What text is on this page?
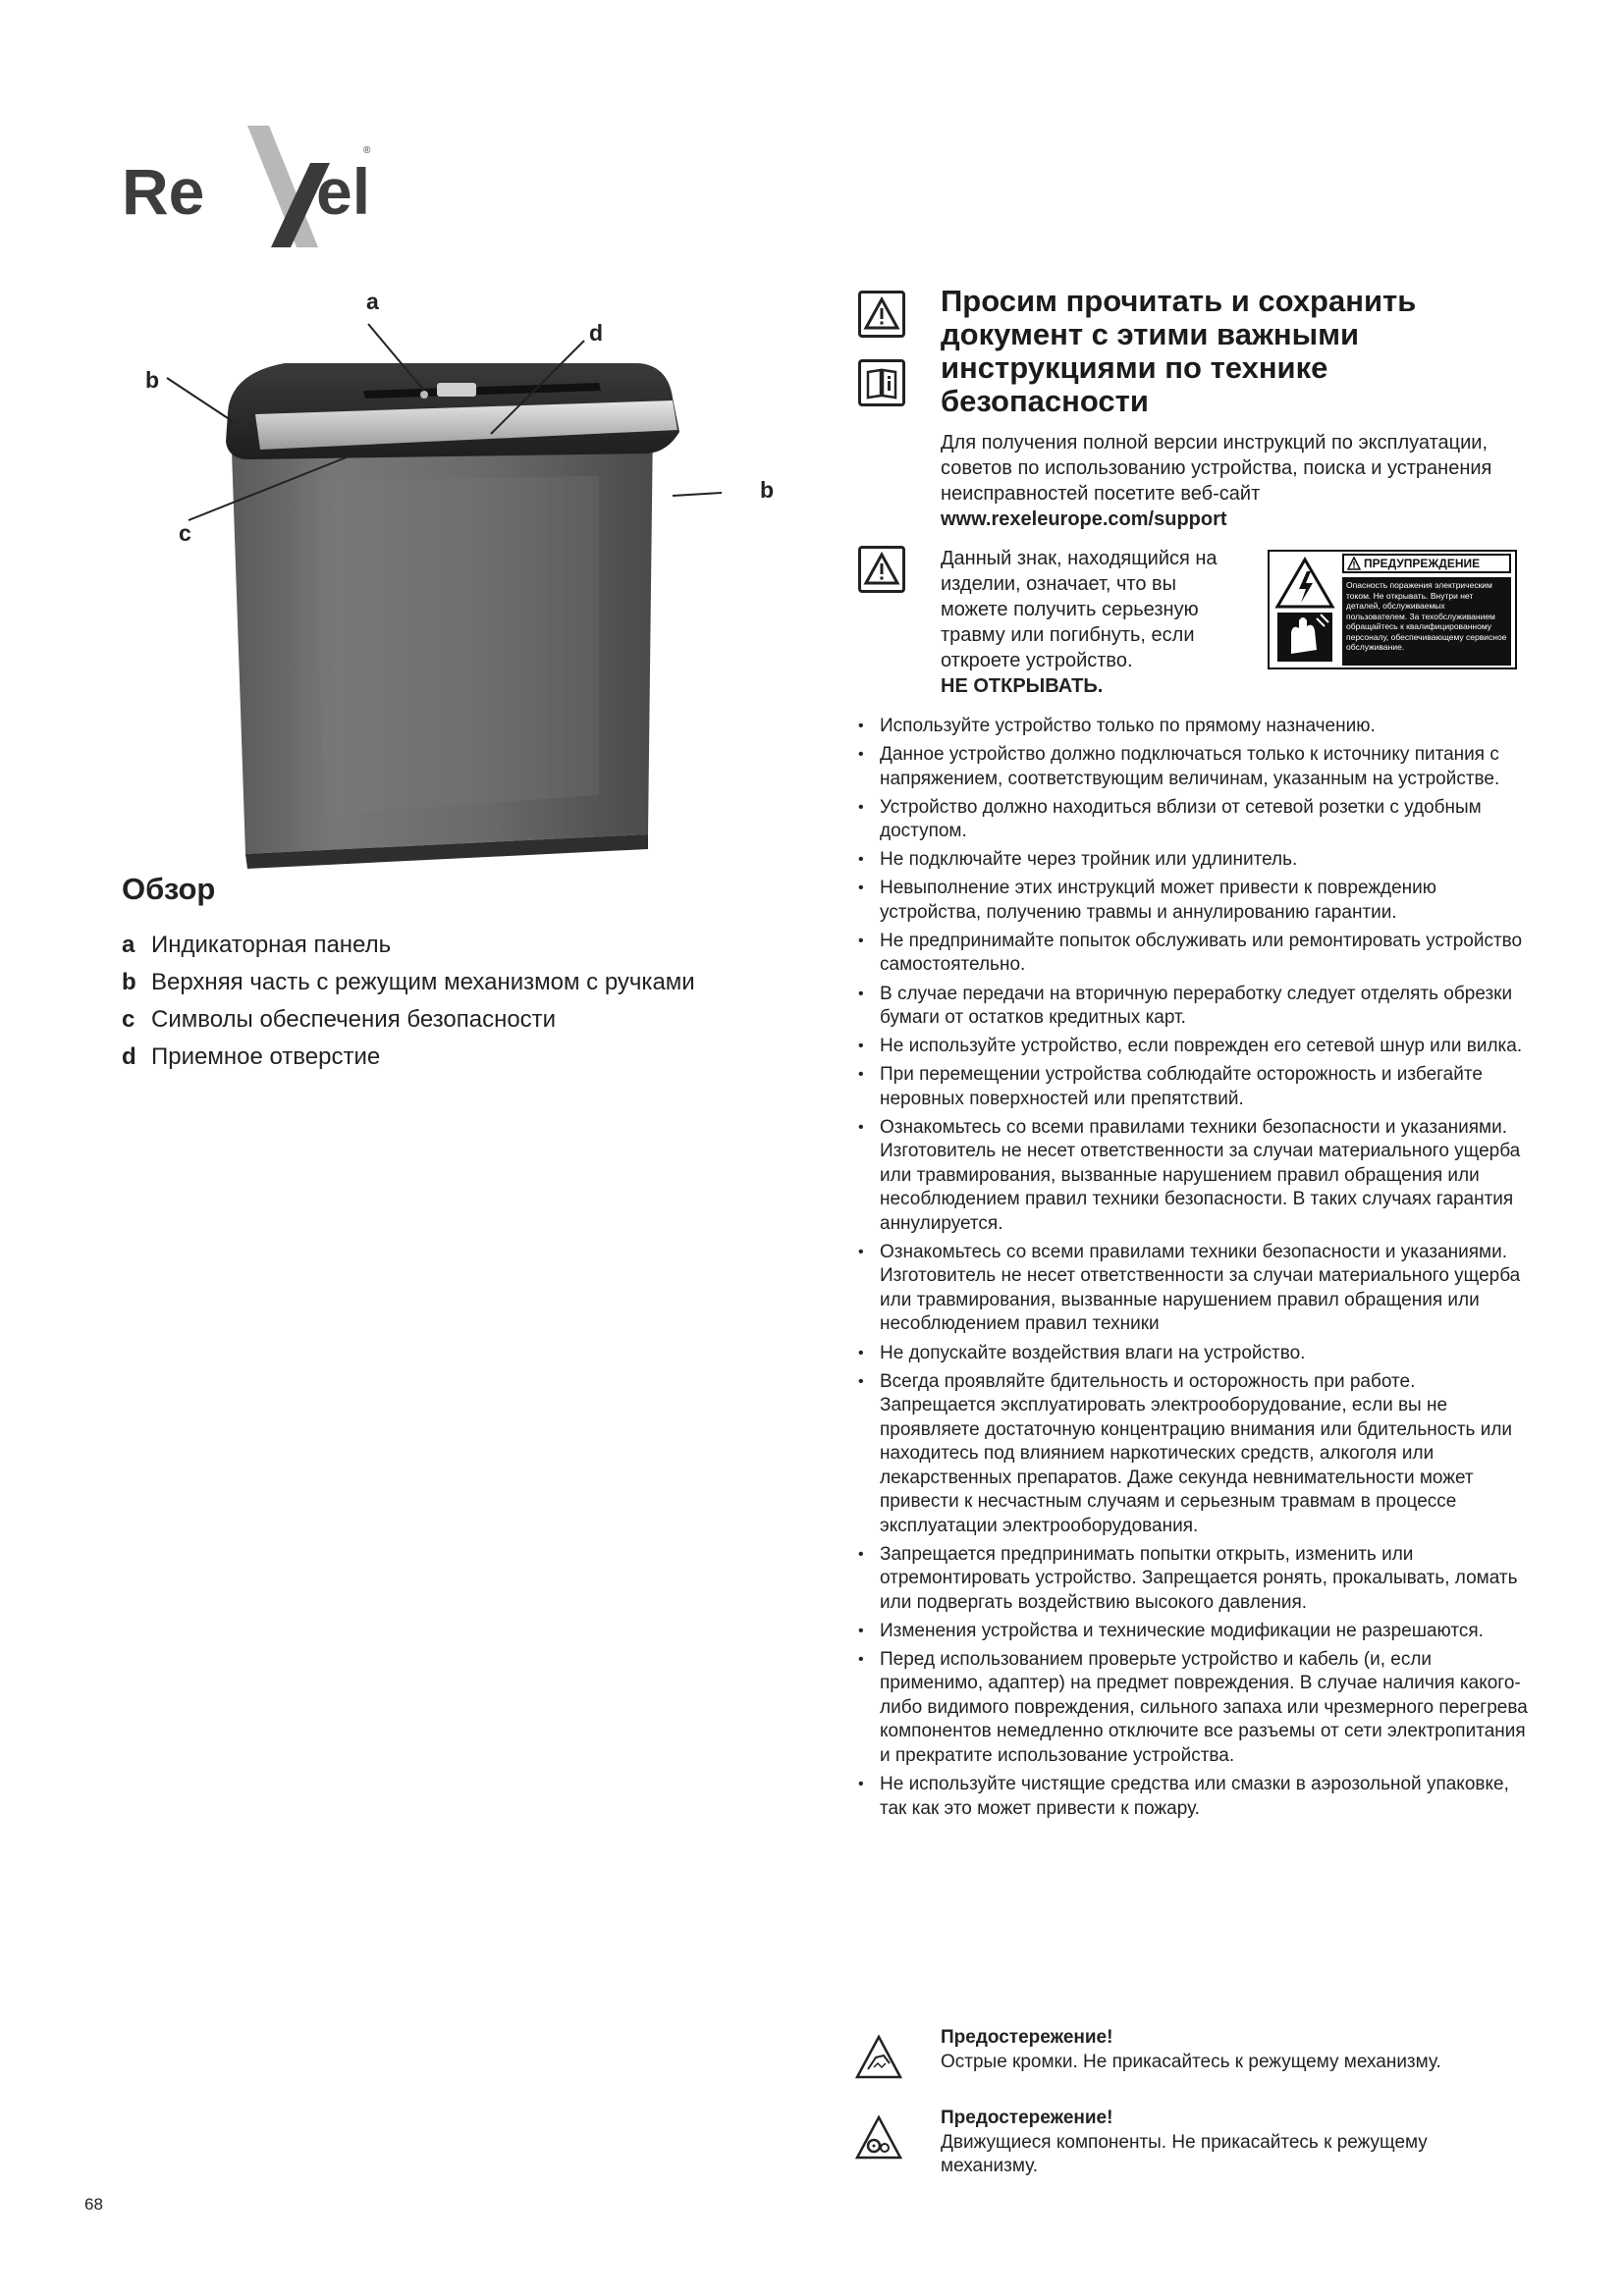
Re el
®
a
d
b
b
c
Обзор
a Индикаторная панель
b Верхняя часть с режущим механизмом с ручками
c Символы обеспечения безопасности
d Приемное отверстие
Просим прочитать и сохранить документ с этими важными инструкциями по технике безопасности
Для получения полной версии инструкций по эксплуатации, советов по использованию устройства, поиска и устранения неисправностей посетите веб-сайт www.rexeleurope.com/support
Данный знак, находящийся на изделии, означает, что вы можете получить серьезную травму или погибнуть, если откроете устройство.
НЕ ОТКРЫВАТЬ.
ПРЕДУПРЕЖДЕНИЕ
Опасность поражения электрическим током. Не открывать. Внутри нет деталей, обслуживаемых пользователем. За техобслуживанием обращайтесь к квалифицированному персоналу, обеспечивающему сервисное обслуживание.
• Используйте устройство только по прямому назначению.
• Данное устройство должно подключаться только к источнику питания с напряжением, соответствующим величинам, указанным на устройстве.
• Устройство должно находиться вблизи от сетевой розетки с удобным доступом.
• Не подключайте через тройник или удлинитель.
• Невыполнение этих инструкций может привести к повреждению устройства, получению травмы и аннулированию гарантии.
• Не предпринимайте попыток обслуживать или ремонтировать устройство самостоятельно.
• В случае передачи на вторичную переработку следует отделять обрезки бумаги от остатков кредитных карт.
• Не используйте устройство, если поврежден его сетевой шнур или вилка.
• При перемещении устройства соблюдайте осторожность и избегайте неровных поверхностей или препятствий.
• Ознакомьтесь со всеми правилами техники безопасности и указаниями. Изготовитель не несет ответственности за случаи материального ущерба или травмирования, вызванные нарушением правил обращения или несоблюдением правил техники безопасности. В таких случаях гарантия аннулируется.
• Ознакомьтесь со всеми правилами техники безопасности и указаниями. Изготовитель не несет ответственности за случаи материального ущерба или травмирования, вызванные нарушением правил обращения или несоблюдением правил техники
• Не допускайте воздействия влаги на устройство.
• Всегда проявляйте бдительность и осторожность при работе. Запрещается эксплуатировать электрооборудование, если вы не проявляете достаточную концентрацию внимания или бдительность или находитесь под влиянием наркотических средств, алкоголя или лекарственных препаратов. Даже секунда невнимательности может привести к несчастным случаям и серьезным травмам в процессе эксплуатации электрооборудования.
• Запрещается предпринимать попытки открыть, изменить или отремонтировать устройство. Запрещается ронять, прокалывать, ломать или подвергать воздействию высокого давления.
• Изменения устройства и технические модификации не разрешаются.
• Перед использованием проверьте устройство и кабель (и, если применимо, адаптер) на предмет повреждения. В случае наличия какого-либо видимого повреждения, сильного запаха или чрезмерного перегрева компонентов немедленно отключите все разъемы от сети электропитания и прекратите использование устройства.
• Не используйте чистящие средства или смазки в аэрозольной упаковке, так как это может привести к пожару.
Предостережение!
Острые кромки. Не прикасайтесь к режущему механизму.
Предостережение!
Движущиеся компоненты. Не прикасайтесь к режущему механизму.
68
